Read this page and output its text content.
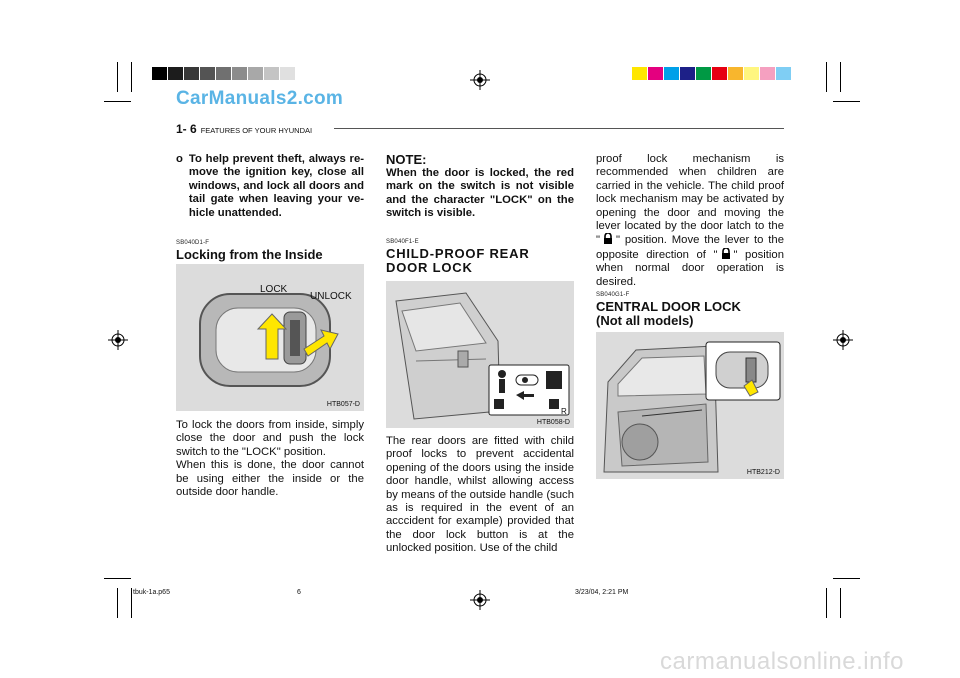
CarManuals2.com
1- 6 FEATURES OF YOUR HYUNDAI
o To help prevent theft, always re-move the ignition key, close all windows, and lock all doors and tail gate when leaving your ve-hicle unattended.
SB040D1-F
Locking from the Inside
LOCK
UNLOCK
HTB057-D
To lock the doors from inside, simply close the door and push the lock switch to the "LOCK" position.
When this is done, the door cannot be using either the inside or the outside door handle.
NOTE:
When the door is locked, the red mark on the switch is not visible and the character "LOCK" on the switch is visible.
SB040F1-E
CHILD-PROOF REAR DOOR LOCK
R
HTB058-D
The rear doors are fitted with child proof locks to prevent accidental opening of the doors using the inside door handle, whilst allowing access by means of the outside handle (such as is required in the event of an acccident for example) provided that the door lock button is at the unlocked position. Use of the child
proof lock mechanism is recommended when children are carried in the vehicle. The child proof lock mechanism may be activated by opening the door and moving the lever located by the door latch to the " " position. Move the lever to the opposite direction of " " position when normal door operation is desired.
SB040G1-F
CENTRAL DOOR LOCK
(Not all models)
HTB212-D
tbuk-1a.p65	6	3/23/04, 2:21 PM
carmanualsonline.info
